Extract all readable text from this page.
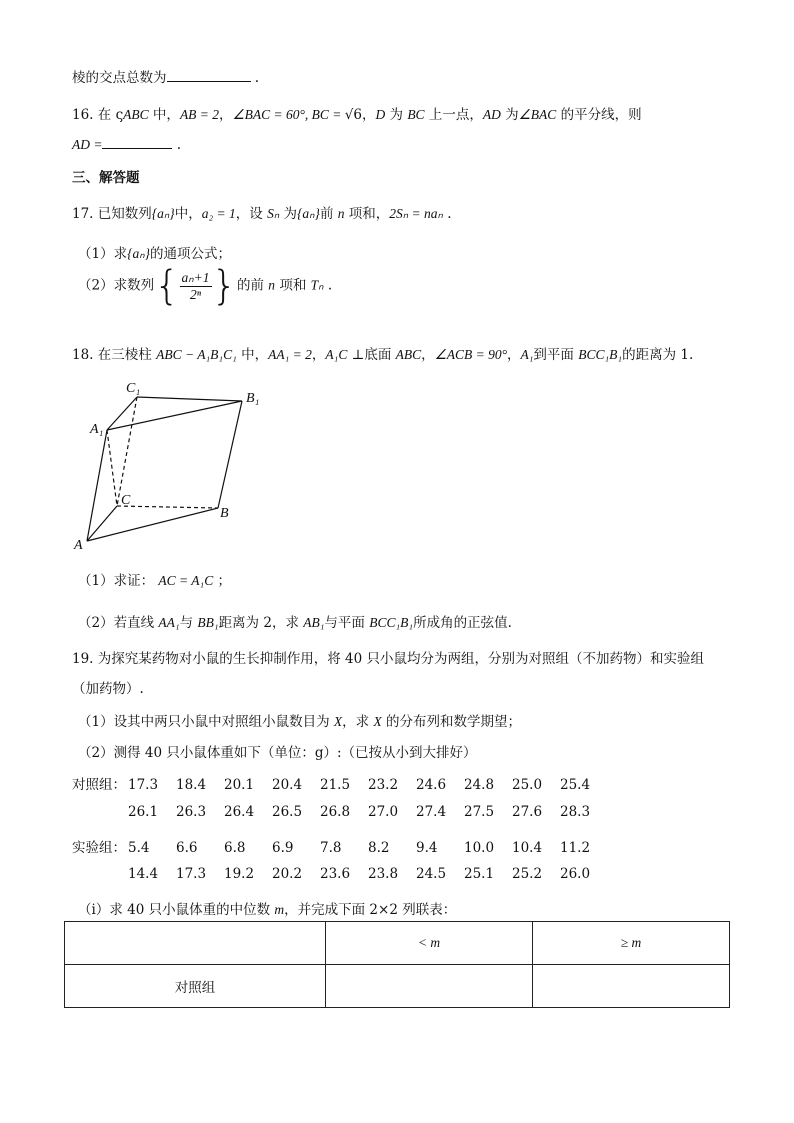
棱的交点总数为	.
16. 在 ςABC 中，AB = 2，∠BAC = 60°, BC = √6，D 为 BC 上一点，AD 为∠BAC 的平分线，则
AD =	.
三、解答题
17. 已知数列{aₙ}中，a₂ = 1，设 Sₙ 为{aₙ}前 n 项和，2Sₙ = naₙ .
（1）求{aₙ}的通项公式；
（2）求数列{ $\frac{\text{aₙ+1}}{\text{2ⁿ}}$ }的前 n 项和 Tₙ .
18. 在三棱柱 ABC − A₁B₁C₁ 中，AA₁ = 2，A₁C ⊥底面 ABC，∠ACB = 90°，A₁到平面 BCC₁B₁的距离为 1.
C₁
B₁
A₁
C
B
A
（1）求证： AC = A₁C ；
（2）若直线 AA₁与 BB₁距离为 2，求 AB₁与平面 BCC₁B₁所成角的正弦值.
19. 为探究某药物对小鼠的生长抑制作用，将 40 只小鼠均分为两组，分别为对照组（不加药物）和实验组
（加药物）.
（1）设其中两只小鼠中对照组小鼠数目为 X，求 X 的分布列和数学期望；
（2）测得 40 只小鼠体重如下（单位：g）:（已按从小到大排好）
对照组： 17.3 18.4 20.1 20.4 21.5 23.2 24.6 24.8 25.0 25.4
26.1 26.3 26.4 26.5 26.8 27.0 27.4 27.5 27.6 28.3
实验组： 5.4 6.6 6.8 6.9 7.8 8.2 9.4 10.0 10.4 11.2
14.4 17.3 19.2 20.2 23.6 23.8 24.5 25.1 25.2 26.0
（i）求 40 只小鼠体重的中位数 m，并完成下面 2×2 列联表：
	< m	≥ m
对照组		
